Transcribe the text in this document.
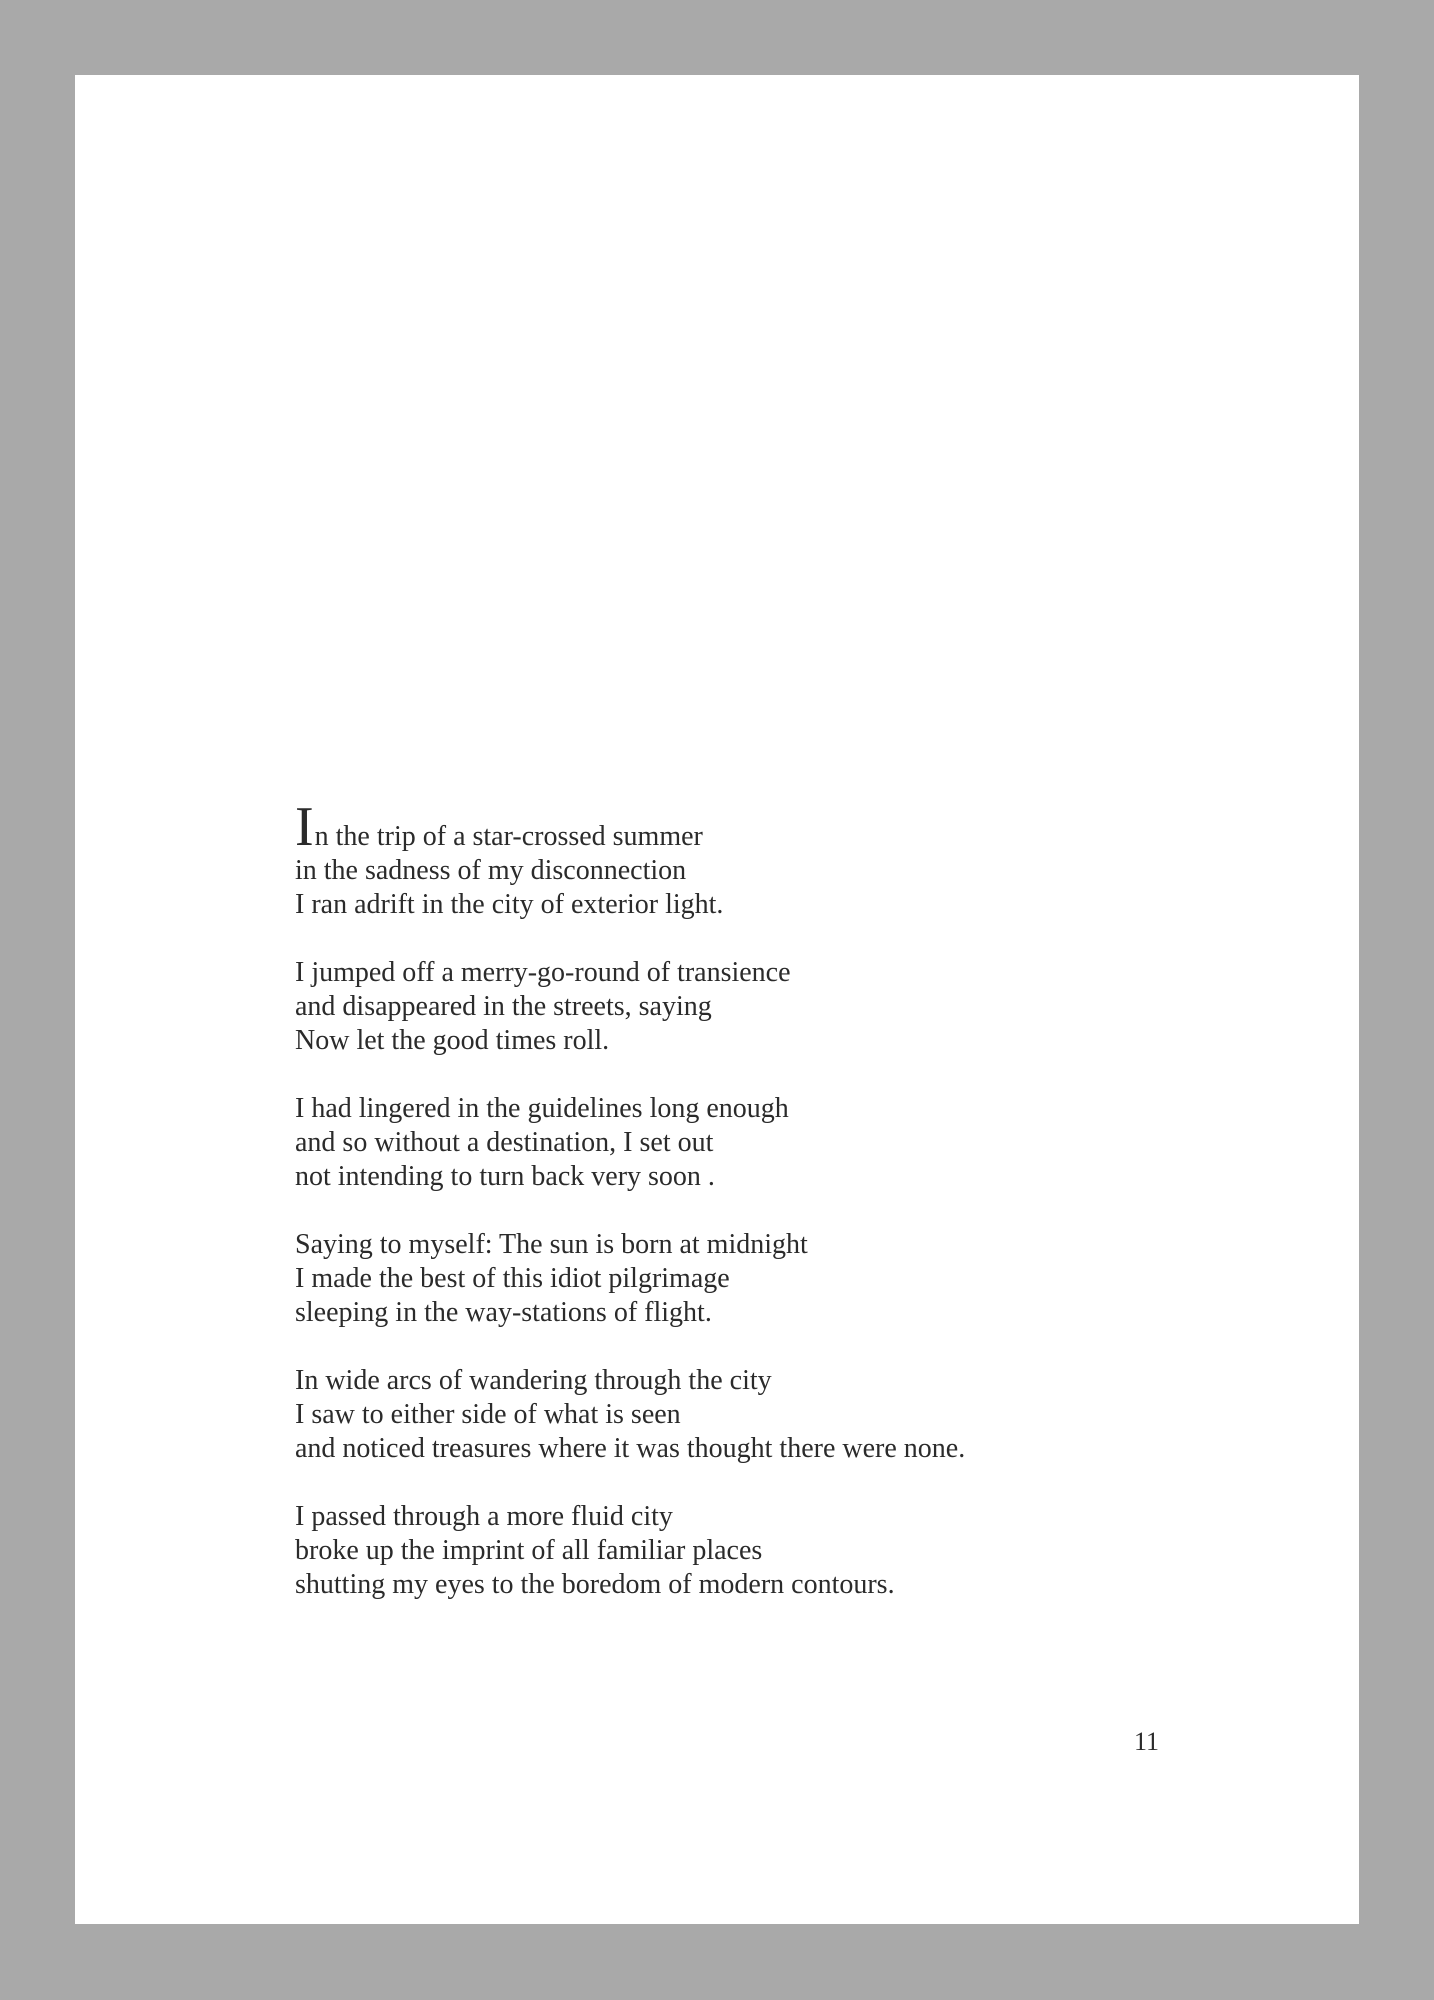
In the trip of a star-crossed summer
in the sadness of my disconnection
I ran adrift in the city of exterior light.
I jumped off a merry-go-round of transience
and disappeared in the streets, saying
Now let the good times roll.
I had lingered in the guidelines long enough
and so without a destination, I set out
not intending to turn back very soon .
Saying to myself: The sun is born at midnight
I made the best of this idiot pilgrimage
sleeping in the way-stations of flight.
In wide arcs of wandering through the city
I saw to either side of what is seen
and noticed treasures where it was thought there were none.
I passed through a more fluid city
broke up the imprint of all familiar places
shutting my eyes to the boredom of modern contours.
11
